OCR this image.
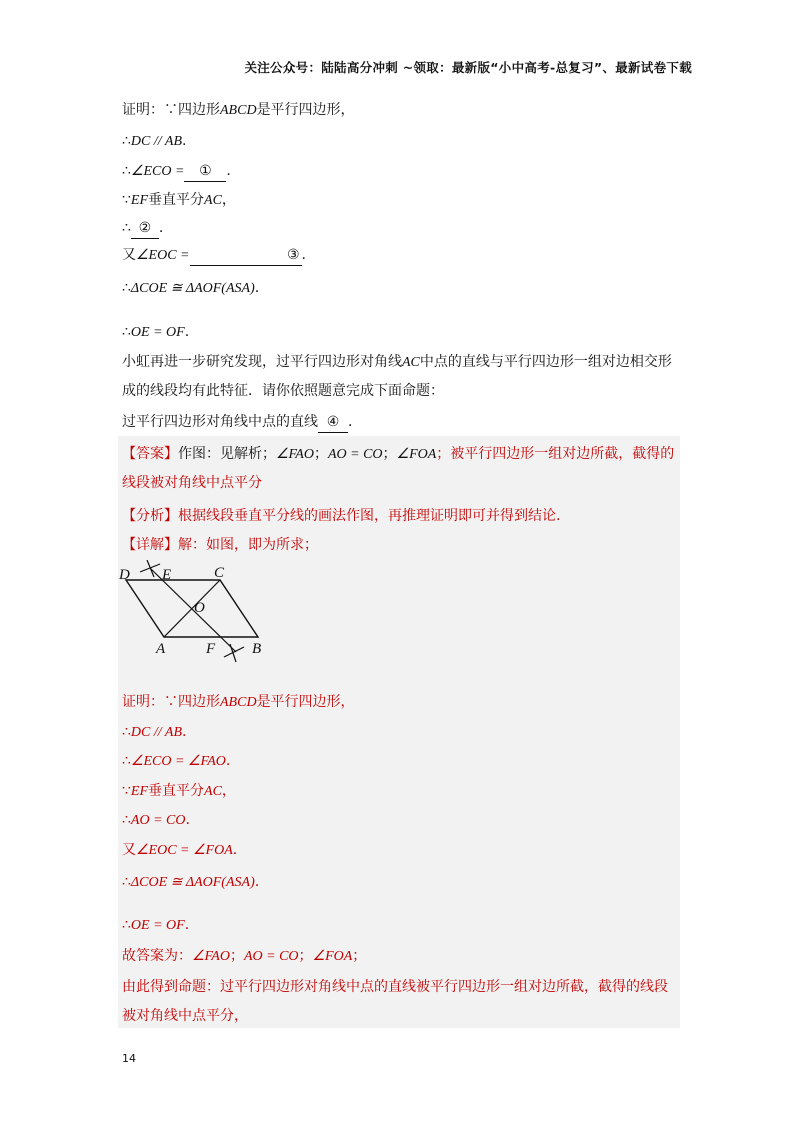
关注公众号：陆陆高分冲刺 ~领取：最新版“小中高考-总复习”、最新试卷下载
证明：∵四边形ABCD是平行四边形，
∴DC // AB.
∴∠ECO = ① .
∵EF垂直平分AC，
∴ ② .
又∠EOC =	③ .
∴ΔCOE ≅ ΔAOF(ASA).
∴OE = OF.
小虹再进一步研究发现，过平行四边形对角线AC中点的直线与平行四边形一组对边相交形成的线段均有此特征．请你依照题意完成下面命题：
过平行四边形对角线中点的直线 ④ .
【答案】作图：见解析；∠FAO；AO = CO；∠FOA；被平行四边形一组对边所截，截得的线段被对角线中点平分
【分析】根据线段垂直平分线的画法作图，再推理证明即可并得到结论.
【详解】解：如图，即为所求；
D E	C
O
A	F B
证明：∵四边形ABCD是平行四边形，
∴DC // AB.
∴∠ECO = ∠FAO.
∵EF垂直平分AC，
∴AO = CO.
又∠EOC = ∠FOA.
∴ΔCOE ≅ ΔAOF(ASA).
∴OE = OF.
故答案为：∠FAO；AO = CO；∠FOA；
由此得到命题：过平行四边形对角线中点的直线被平行四边形一组对边所截，截得的线段被对角线中点平分，
14
